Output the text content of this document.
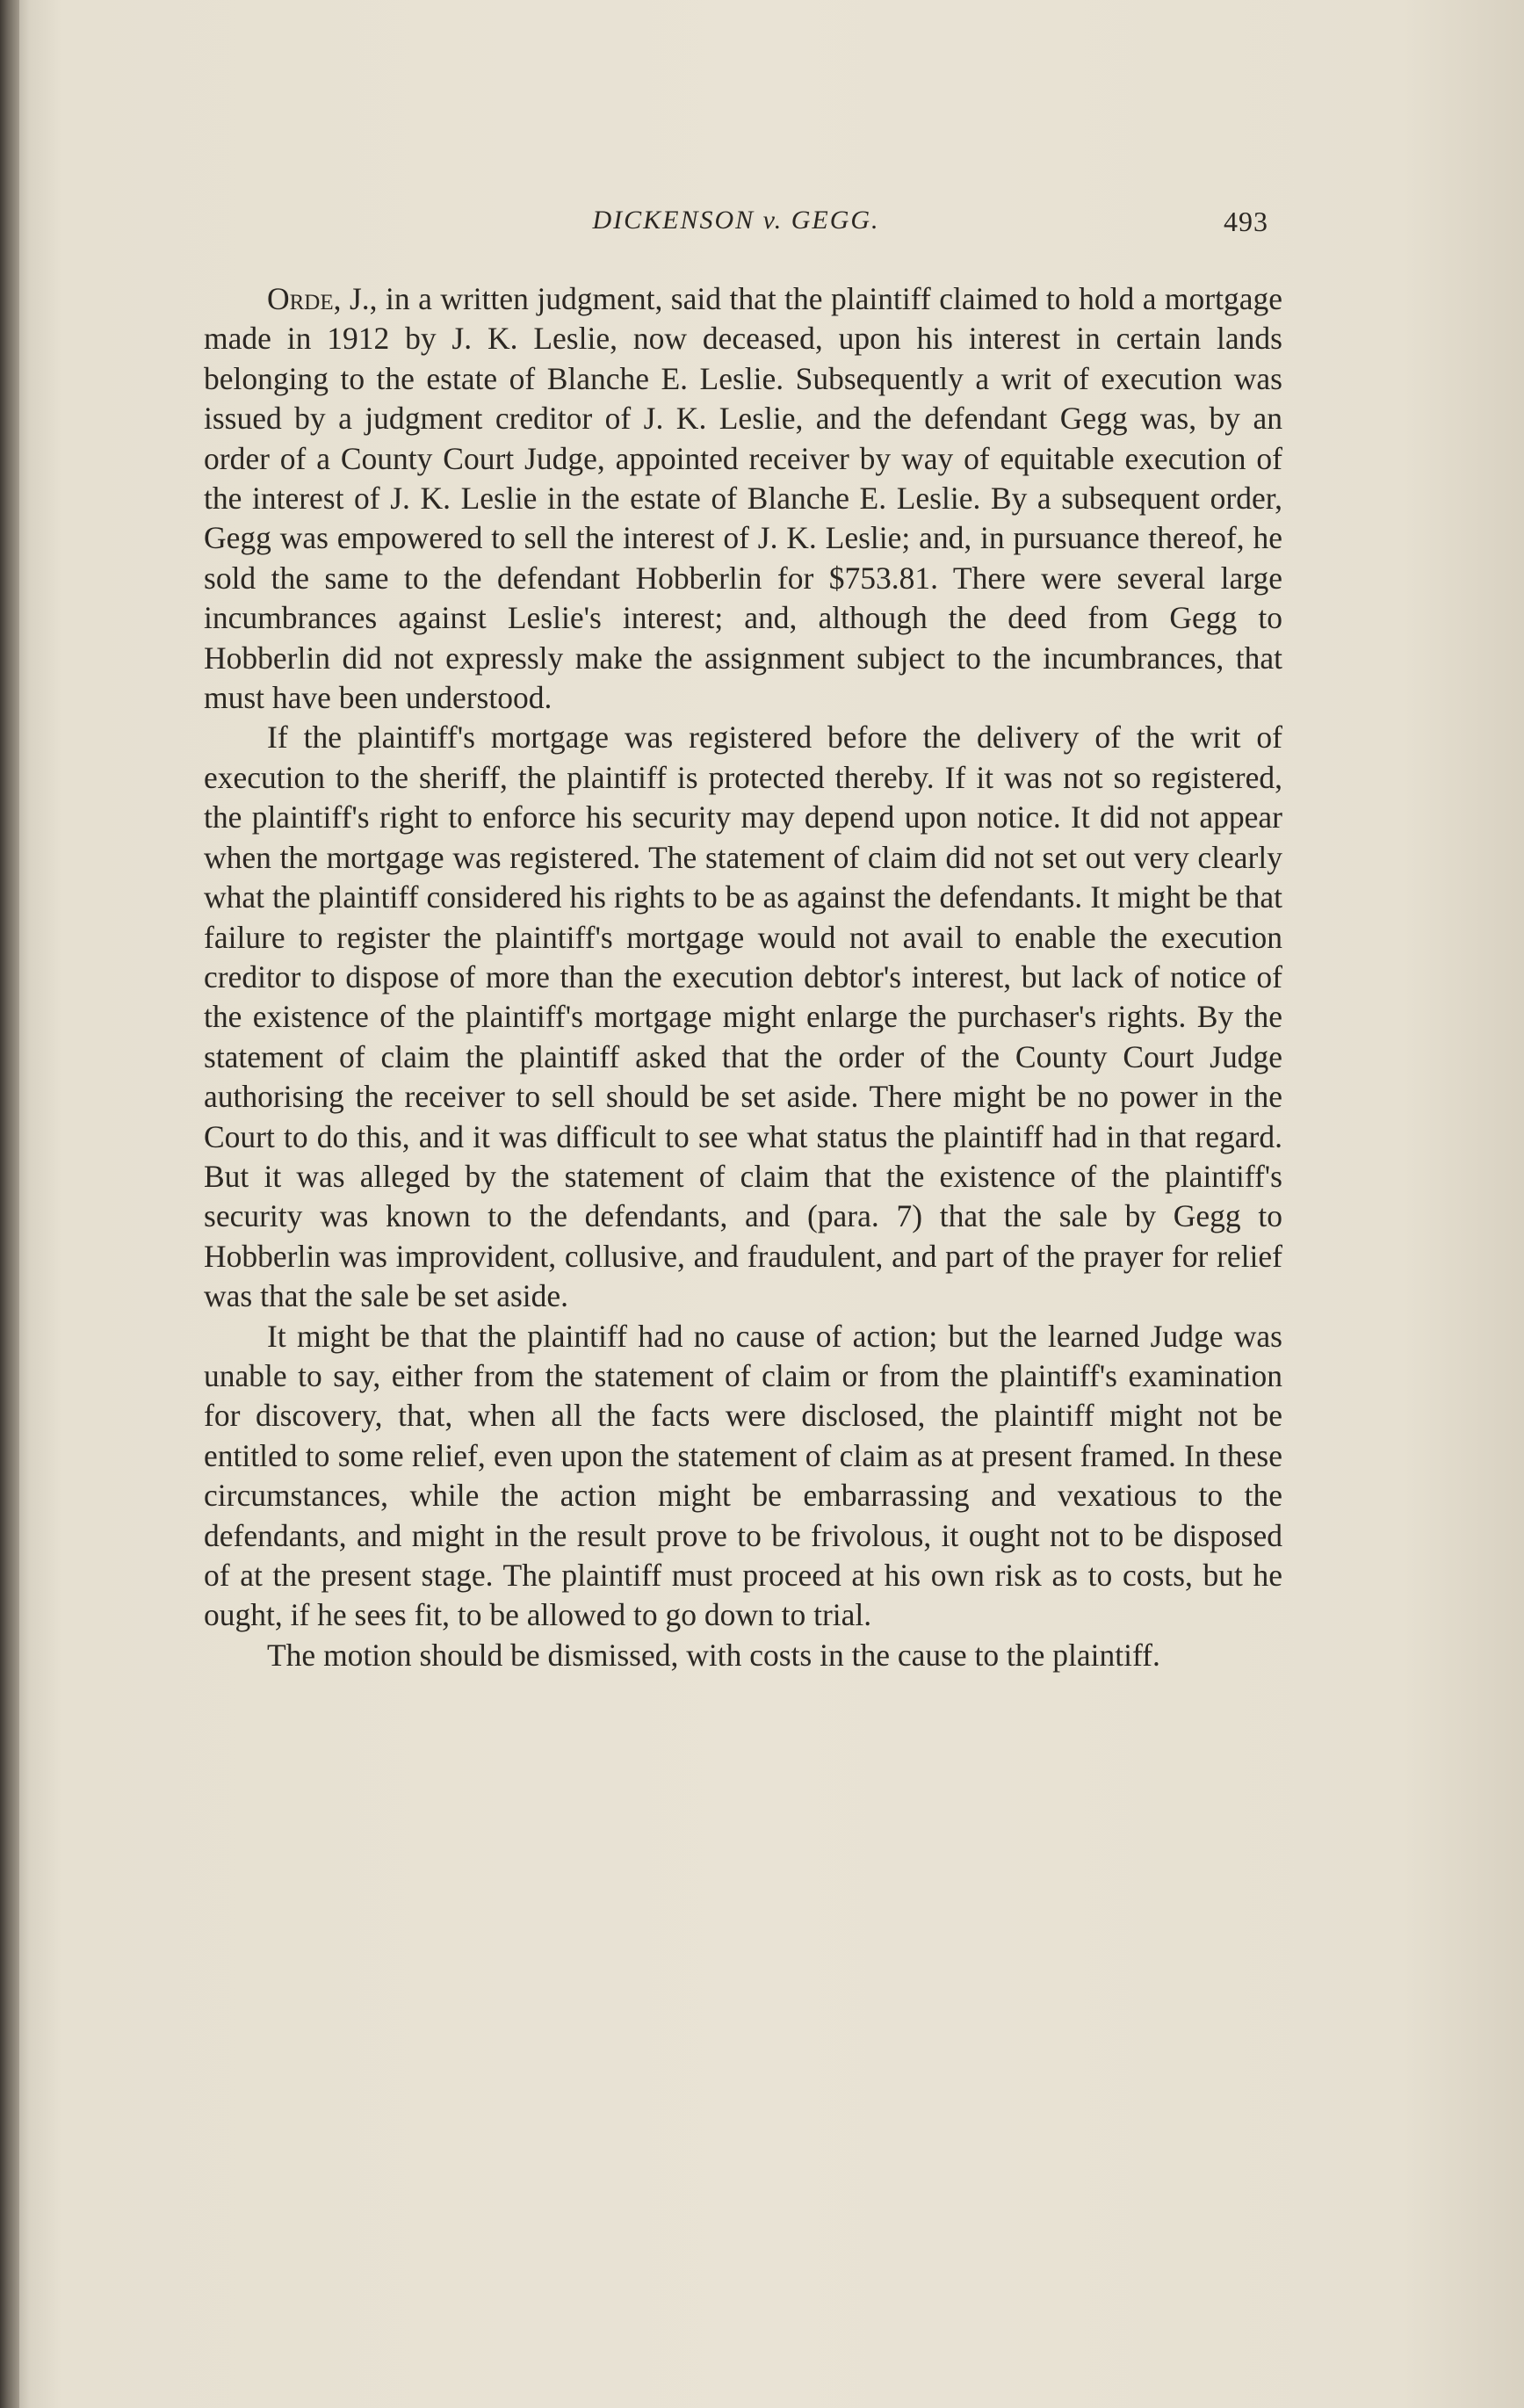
DICKENSON v. GEGG.	493

Orde, J., in a written judgment, said that the plaintiff claimed to hold a mortgage made in 1912 by J. K. Leslie, now deceased, upon his interest in certain lands belonging to the estate of Blanche E. Leslie. Subsequently a writ of execution was issued by a judgment creditor of J. K. Leslie, and the defendant Gegg was, by an order of a County Court Judge, appointed receiver by way of equitable execution of the interest of J. K. Leslie in the estate of Blanche E. Leslie. By a subsequent order, Gegg was empowered to sell the interest of J. K. Leslie; and, in pursuance thereof, he sold the same to the defendant Hobberlin for $753.81. There were several large incumbrances against Leslie's interest; and, although the deed from Gegg to Hobberlin did not expressly make the assignment subject to the incumbrances, that must have been understood.

If the plaintiff's mortgage was registered before the delivery of the writ of execution to the sheriff, the plaintiff is protected thereby. If it was not so registered, the plaintiff's right to enforce his security may depend upon notice. It did not appear when the mortgage was registered. The statement of claim did not set out very clearly what the plaintiff considered his rights to be as against the defendants. It might be that failure to register the plaintiff's mortgage would not avail to enable the execution creditor to dispose of more than the execution debtor's interest, but lack of notice of the existence of the plaintiff's mortgage might enlarge the purchaser's rights. By the statement of claim the plaintiff asked that the order of the County Court Judge authorising the receiver to sell should be set aside. There might be no power in the Court to do this, and it was difficult to see what status the plaintiff had in that regard. But it was alleged by the statement of claim that the existence of the plaintiff's security was known to the defendants, and (para. 7) that the sale by Gegg to Hobberlin was improvident, collusive, and fraudulent, and part of the prayer for relief was that the sale be set aside.

It might be that the plaintiff had no cause of action; but the learned Judge was unable to say, either from the statement of claim or from the plaintiff's examination for discovery, that, when all the facts were disclosed, the plaintiff might not be entitled to some relief, even upon the statement of claim as at present framed. In these circumstances, while the action might be embarrassing and vexatious to the defendants, and might in the result prove to be frivolous, it ought not to be disposed of at the present stage. The plaintiff must proceed at his own risk as to costs, but he ought, if he sees fit, to be allowed to go down to trial.

The motion should be dismissed, with costs in the cause to the plaintiff.
